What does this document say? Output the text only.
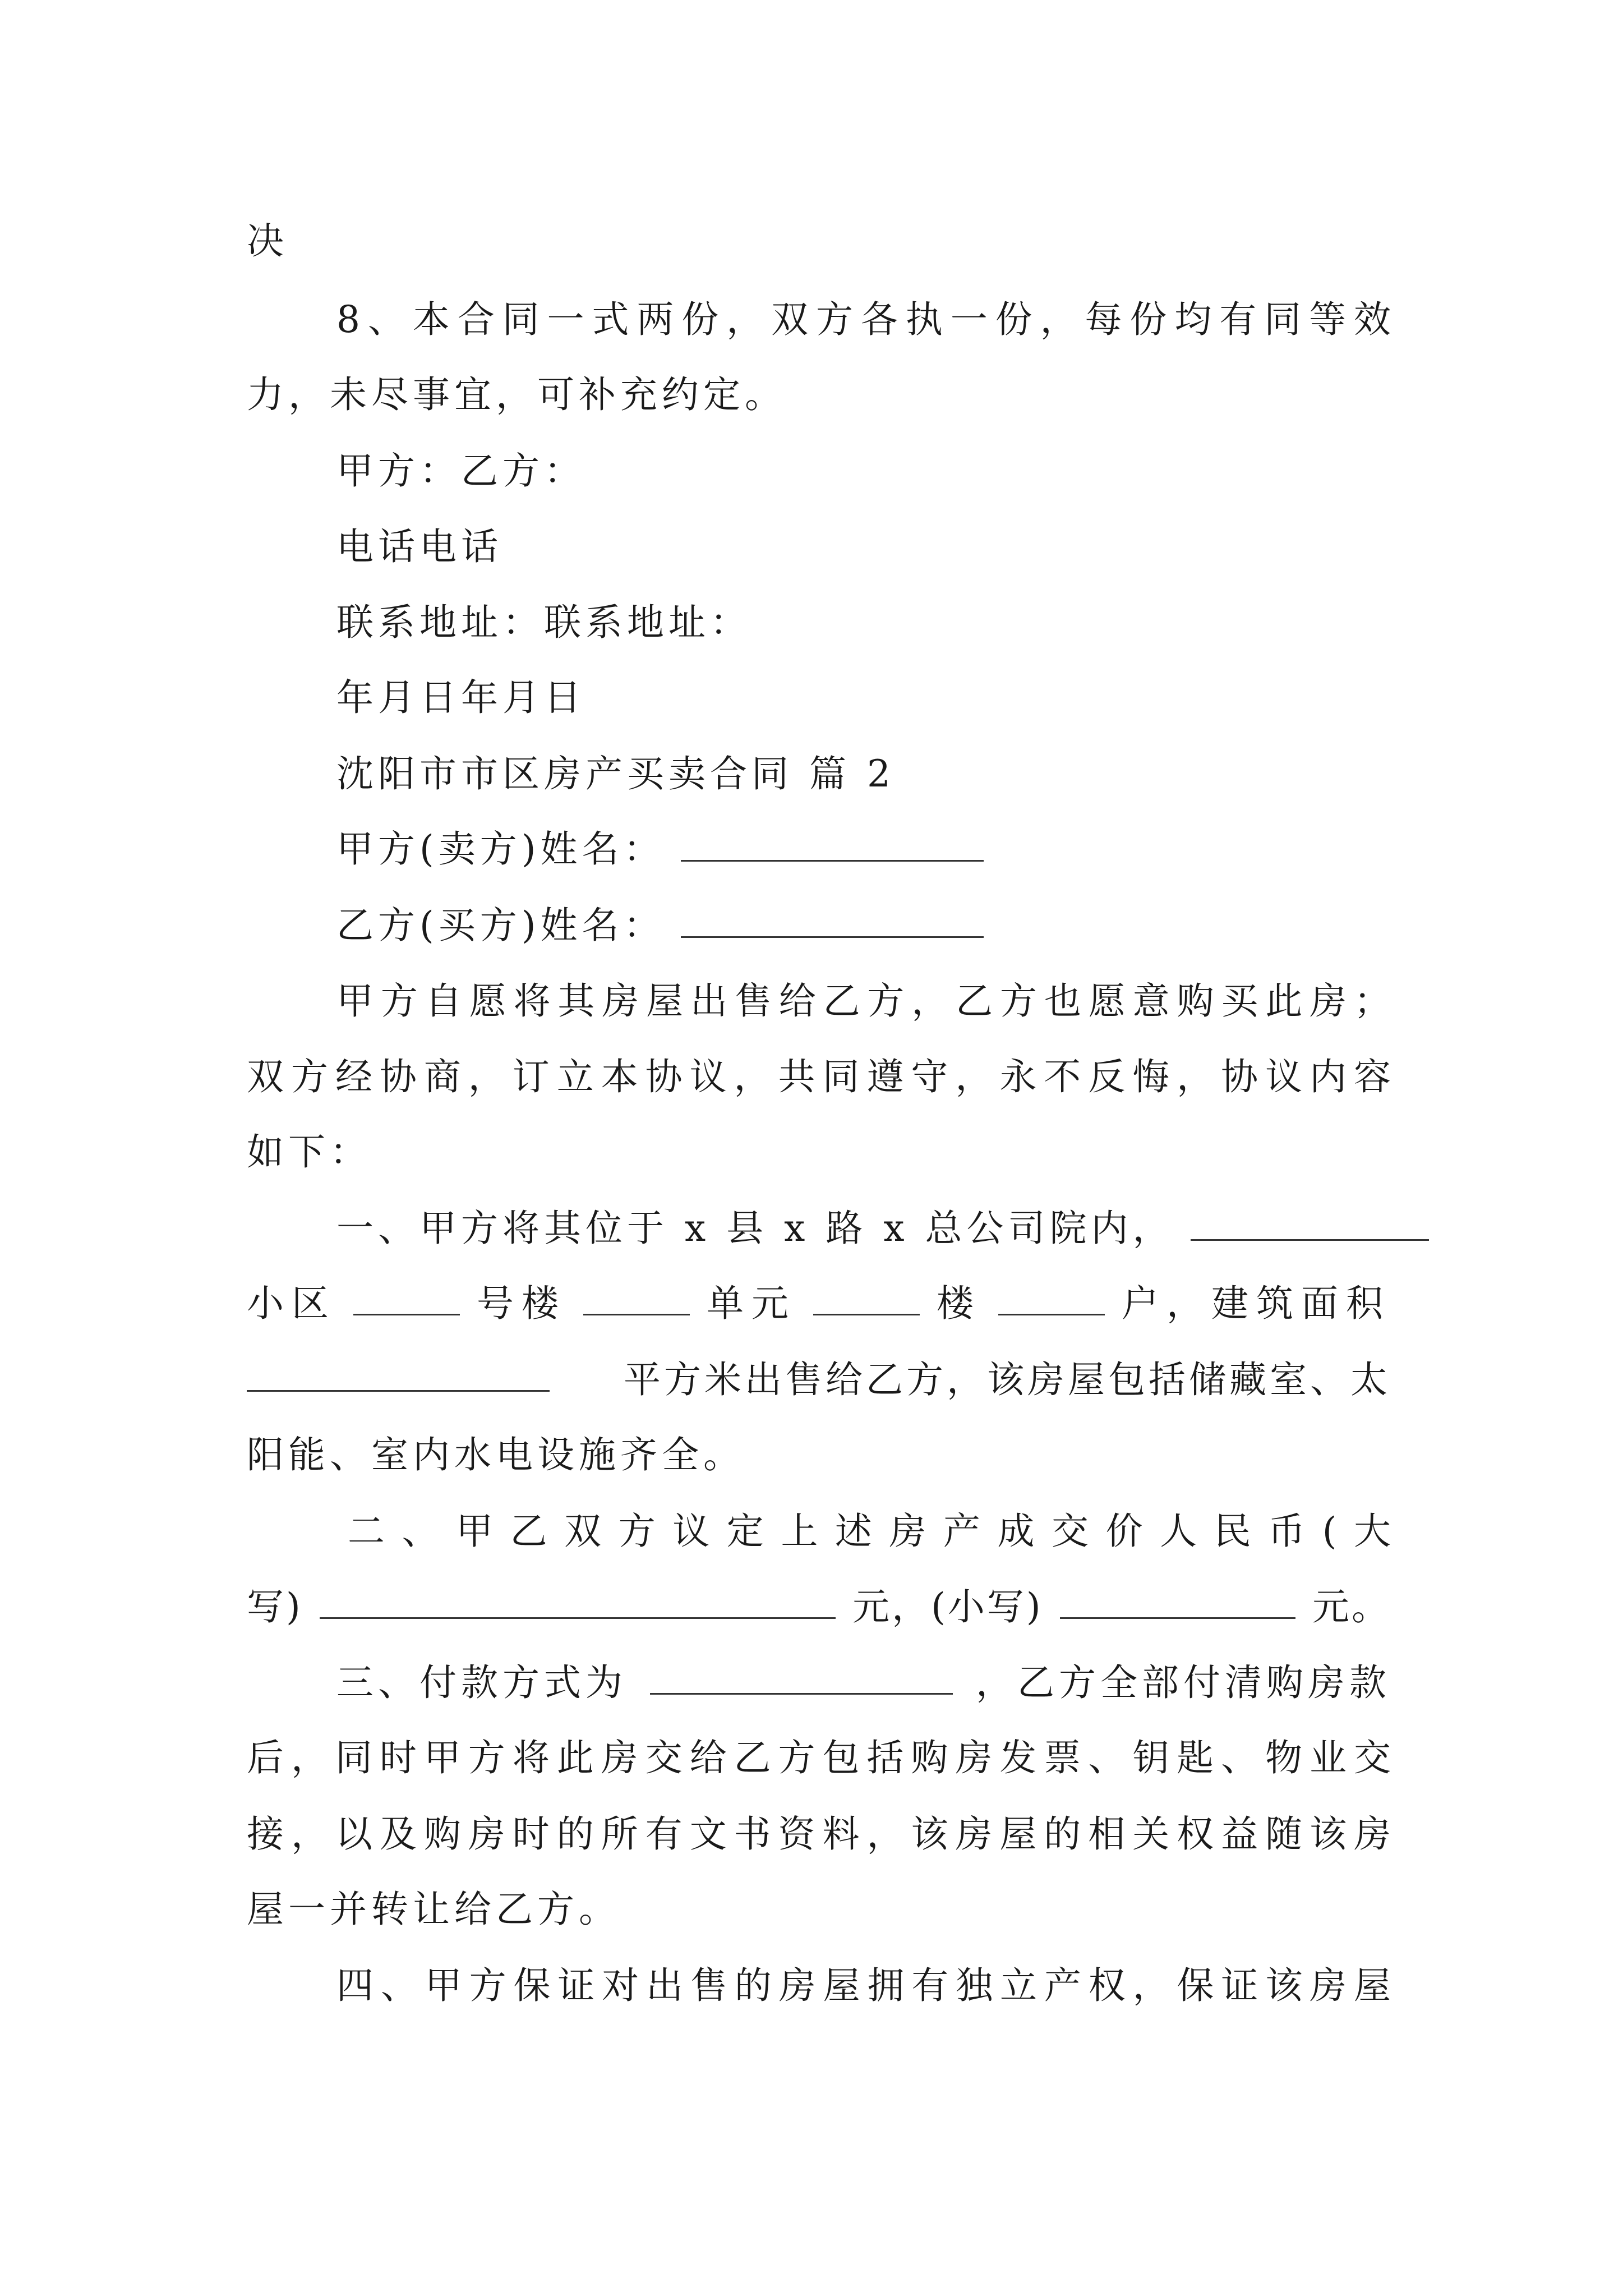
决
8、本合同一式两份，双方各执一份，每份均有同等效
力，未尽事宜，可补充约定。
甲方：乙方：
电话电话
联系地址：联系地址：
年月日年月日
沈阳市市区房产买卖合同 篇 2
甲方(卖方)姓名：
乙方(买方)姓名：
甲方自愿将其房屋出售给乙方，乙方也愿意购买此房；
双方经协商，订立本协议，共同遵守，永不反悔，协议内容
如下：
一、甲方将其位于 x 县 x 路 x 总公司院内，
小区	号楼	单元	楼	户，建筑面积
平方米出售给乙方，该房屋包括储藏室、太
阳能、室内水电设施齐全。
二、甲乙双方议定上述房产成交价人民币(大
写)	元，(小写)	元。
三、付款方式为	，乙方全部付清购房款
后，同时甲方将此房交给乙方包括购房发票、钥匙、物业交
接，以及购房时的所有文书资料，该房屋的相关权益随该房
屋一并转让给乙方。
四、甲方保证对出售的房屋拥有独立产权，保证该房屋
